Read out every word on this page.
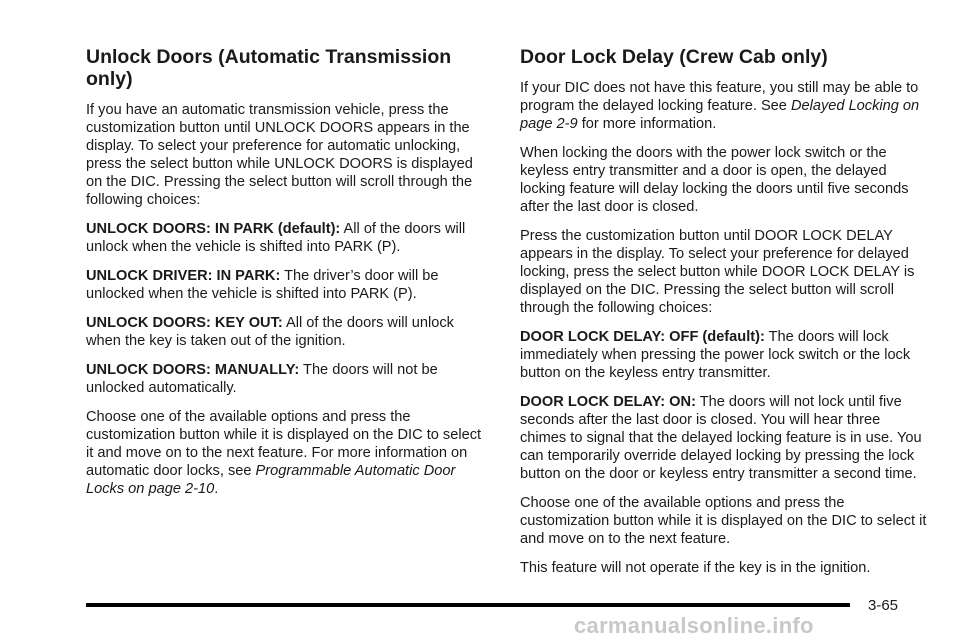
Unlock Doors (Automatic Transmission only)

If you have an automatic transmission vehicle, press the customization button until UNLOCK DOORS appears in the display. To select your preference for automatic unlocking, press the select button while UNLOCK DOORS is displayed on the DIC. Pressing the select button will scroll through the following choices:

UNLOCK DOORS: IN PARK (default): All of the doors will unlock when the vehicle is shifted into PARK (P).

UNLOCK DRIVER: IN PARK: The driver’s door will be unlocked when the vehicle is shifted into PARK (P).

UNLOCK DOORS: KEY OUT: All of the doors will unlock when the key is taken out of the ignition.

UNLOCK DOORS: MANUALLY: The doors will not be unlocked automatically.

Choose one of the available options and press the customization button while it is displayed on the DIC to select it and move on to the next feature. For more information on automatic door locks, see Programmable Automatic Door Locks on page 2-10.

Door Lock Delay (Crew Cab only)

If your DIC does not have this feature, you still may be able to program the delayed locking feature. See Delayed Locking on page 2-9 for more information.

When locking the doors with the power lock switch or the keyless entry transmitter and a door is open, the delayed locking feature will delay locking the doors until five seconds after the last door is closed.

Press the customization button until DOOR LOCK DELAY appears in the display. To select your preference for delayed locking, press the select button while DOOR LOCK DELAY is displayed on the DIC. Pressing the select button will scroll through the following choices:

DOOR LOCK DELAY: OFF (default): The doors will lock immediately when pressing the power lock switch or the lock button on the keyless entry transmitter.

DOOR LOCK DELAY: ON: The doors will not lock until five seconds after the last door is closed. You will hear three chimes to signal that the delayed locking feature is in use. You can temporarily override delayed locking by pressing the lock button on the door or keyless entry transmitter a second time.

Choose one of the available options and press the customization button while it is displayed on the DIC to select it and move on to the next feature.

This feature will not operate if the key is in the ignition.

3-65
carmanualsonline.info
